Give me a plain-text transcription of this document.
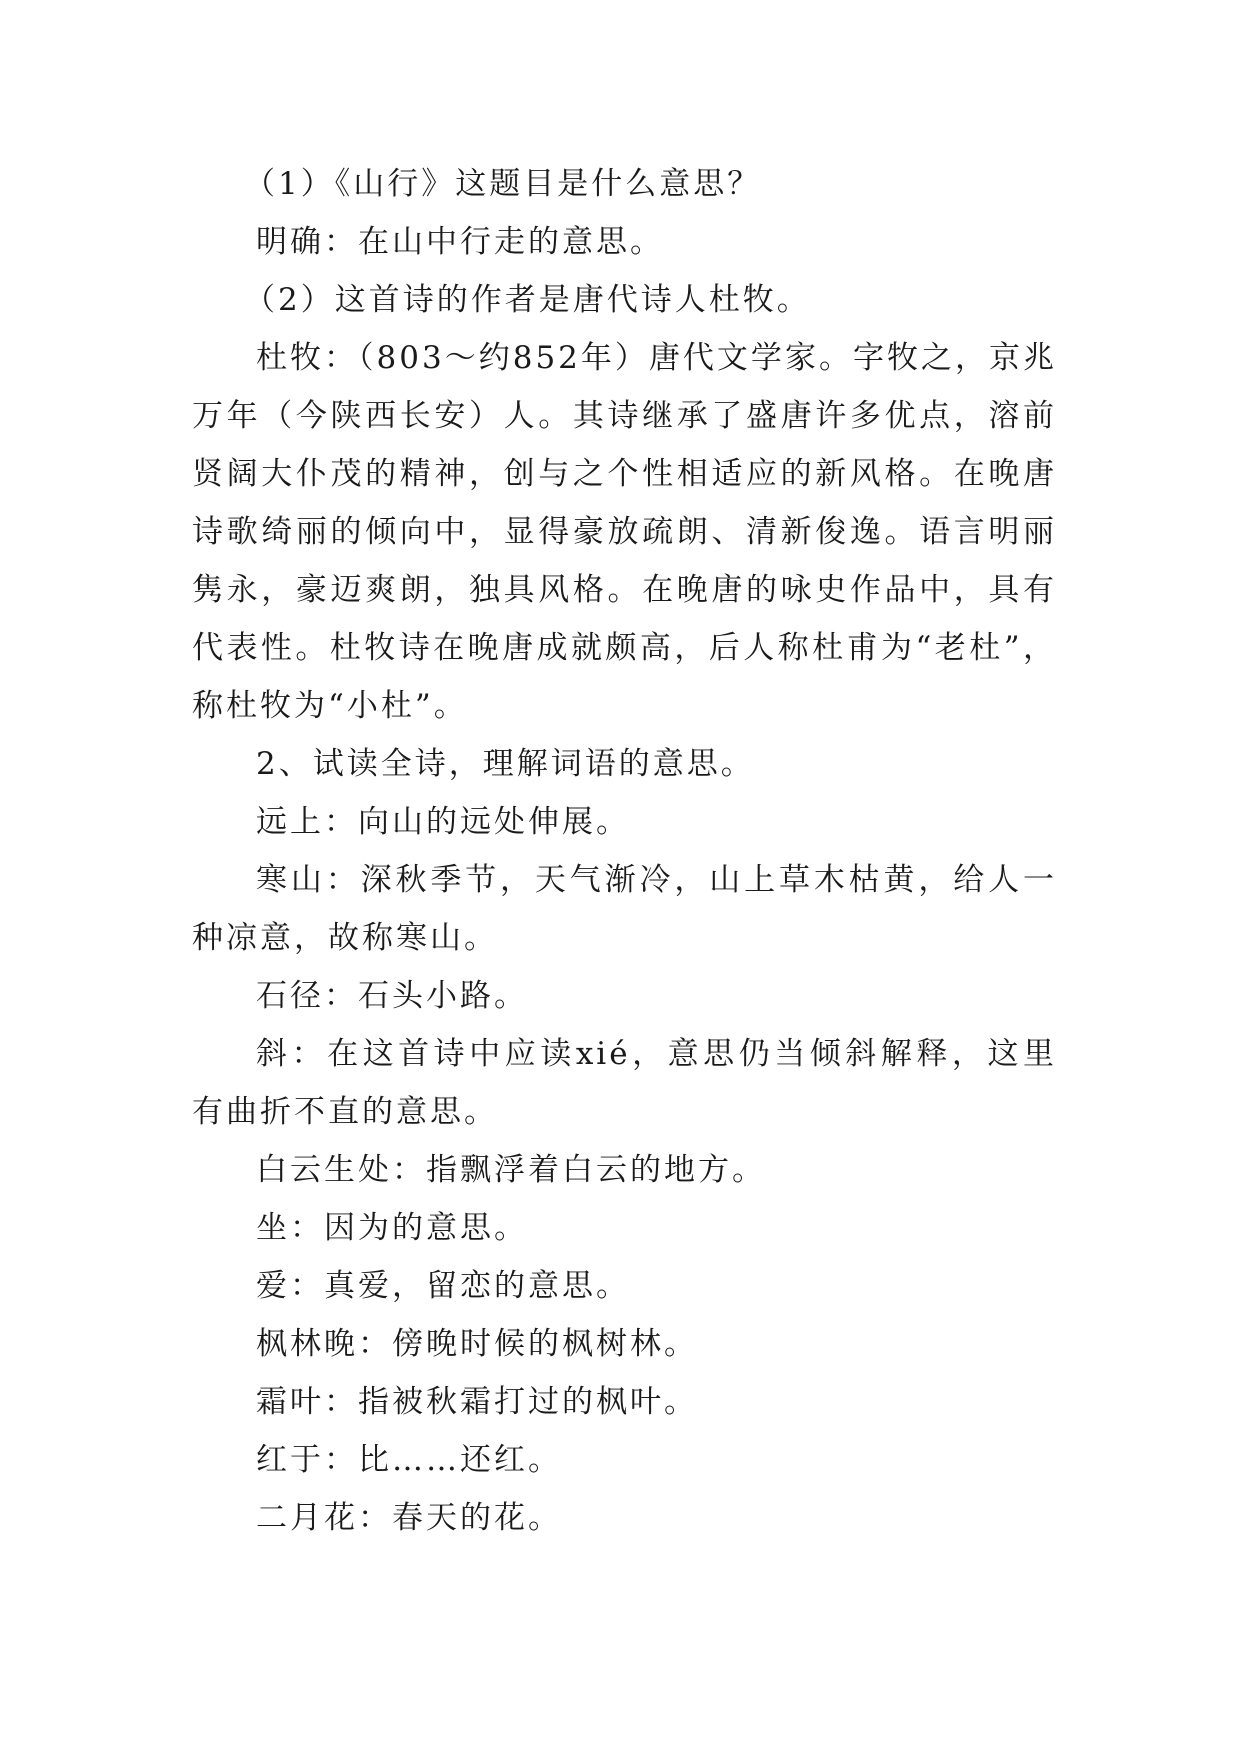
（1）《山行》这题目是什么意思？

明确：在山中行走的意思。

（2）这首诗的作者是唐代诗人杜牧。

杜牧：（803～约852年）唐代文学家。字牧之，京兆万年（今陕西长安）人。其诗继承了盛唐许多优点，溶前贤阔大仆茂的精神，创与之个性相适应的新风格。在晚唐诗歌绮丽的倾向中，显得豪放疏朗、清新俊逸。语言明丽隽永，豪迈爽朗，独具风格。在晚唐的咏史作品中，具有代表性。杜牧诗在晚唐成就颇高，后人称杜甫为“老杜”，称杜牧为“小杜”。

2、试读全诗，理解词语的意思。

远上：向山的远处伸展。

寒山：深秋季节，天气渐冷，山上草木枯黄，给人一种凉意，故称寒山。

石径：石头小路。

斜：在这首诗中应读xié，意思仍当倾斜解释，这里有曲折不直的意思。

白云生处：指飘浮着白云的地方。

坐：因为的意思。

爱：真爱，留恋的意思。

枫林晚：傍晚时候的枫树林。

霜叶：指被秋霜打过的枫叶。

红于：比……还红。

二月花：春天的花。
